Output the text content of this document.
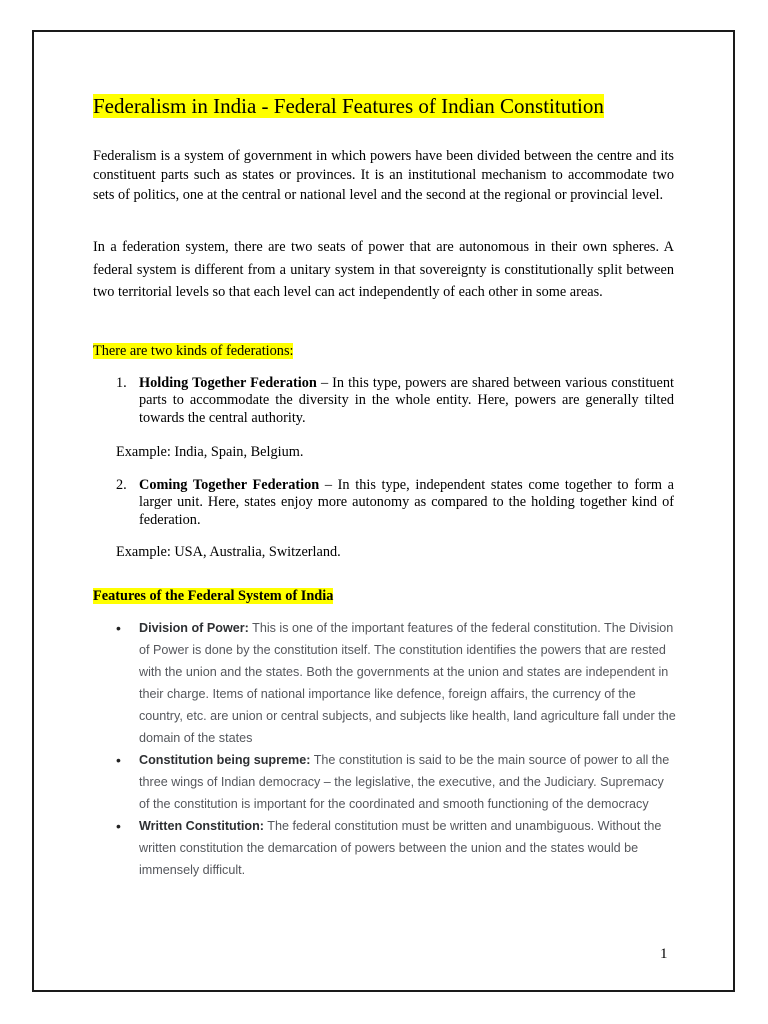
Federalism in India - Federal Features of Indian Constitution

Federalism is a system of government in which powers have been divided between the centre and its constituent parts such as states or provinces. It is an institutional mechanism to accommodate two sets of politics, one at the central or national level and the second at the regional or provincial level.

In a federation system, there are two seats of power that are autonomous in their own spheres. A federal system is different from a unitary system in that sovereignty is constitutionally split between two territorial levels so that each level can act independently of each other in some areas.

There are two kinds of federations:
1. Holding Together Federation – In this type, powers are shared between various constituent parts to accommodate the diversity in the whole entity. Here, powers are generally tilted towards the central authority.
Example: India, Spain, Belgium.
2. Coming Together Federation – In this type, independent states come together to form a larger unit. Here, states enjoy more autonomy as compared to the holding together kind of federation.
Example: USA, Australia, Switzerland.
Features of the Federal System of India
• Division of Power: This is one of the important features of the federal constitution. The Division of Power is done by the constitution itself. The constitution identifies the powers that are rested with the union and the states. Both the governments at the union and states are independent in their charge. Items of national importance like defence, foreign affairs, the currency of the country, etc. are union or central subjects, and subjects like health, land agriculture fall under the domain of the states
• Constitution being supreme: The constitution is said to be the main source of power to all the three wings of Indian democracy – the legislative, the executive, and the Judiciary. Supremacy of the constitution is important for the coordinated and smooth functioning of the democracy
• Written Constitution: The federal constitution must be written and unambiguous. Without the written constitution the demarcation of powers between the union and the states would be immensely difficult.
1
